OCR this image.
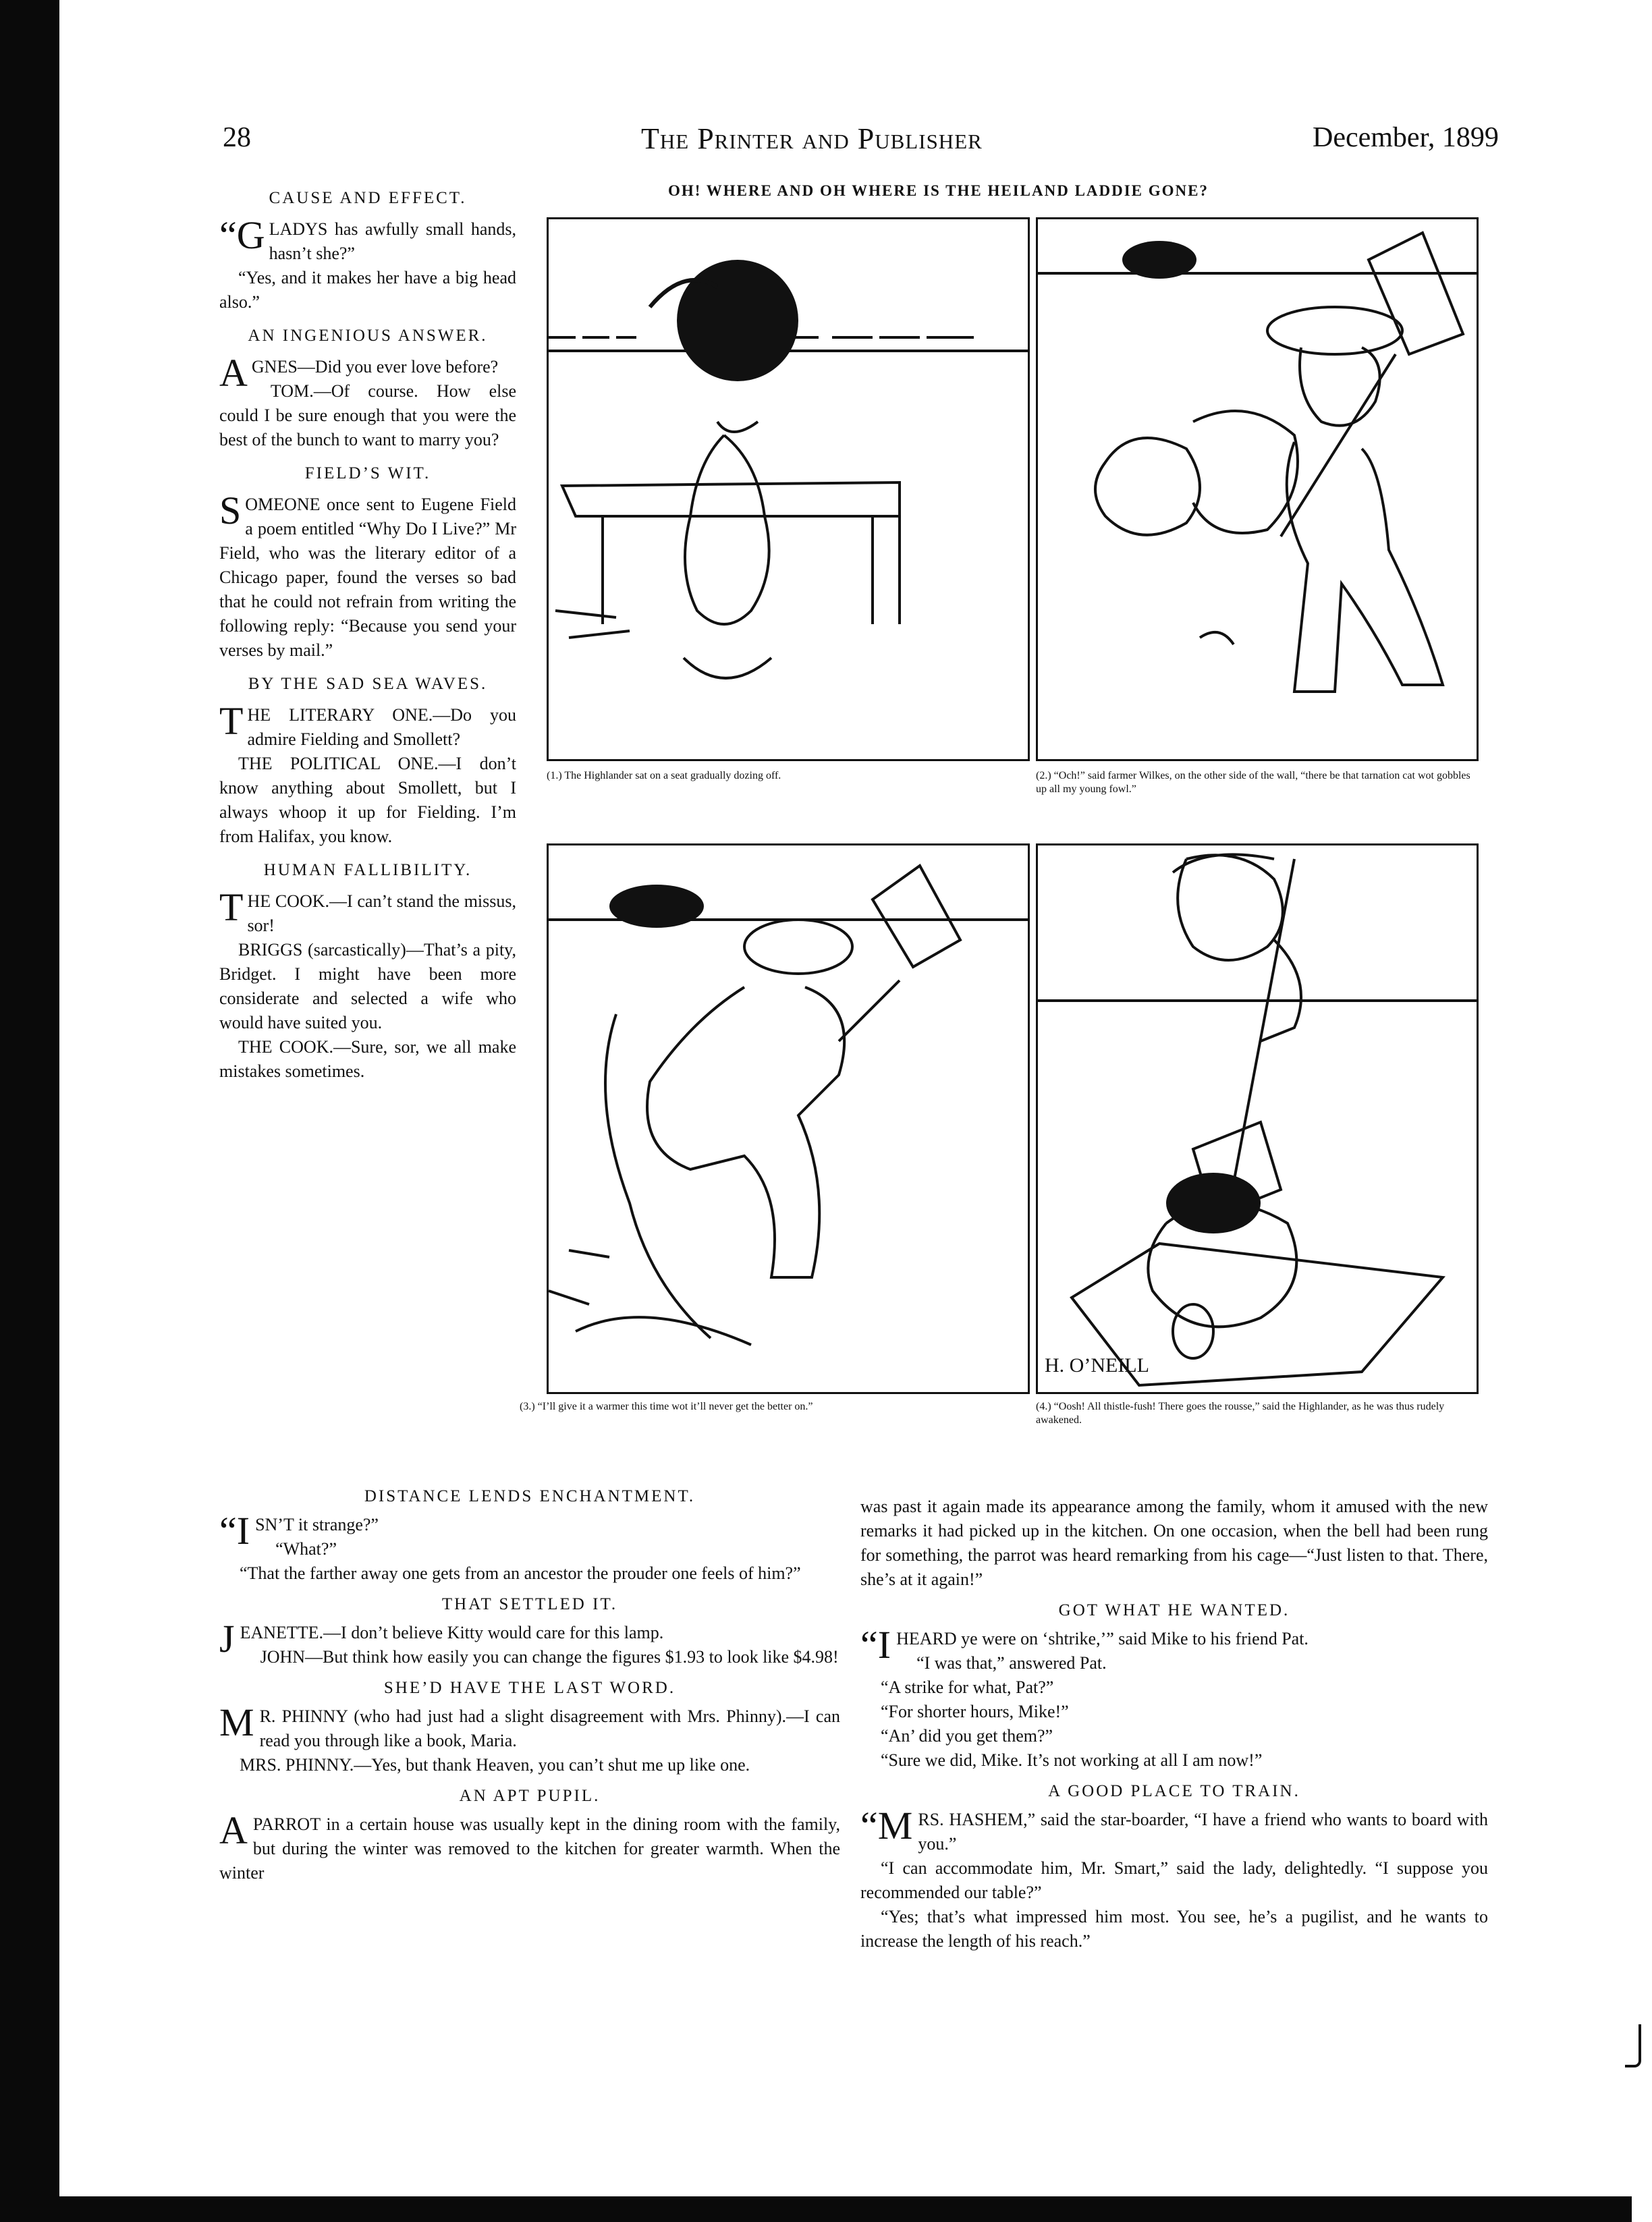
28	The Printer and Publisher	December, 1899
CAUSE AND EFFECT.

“GLADYS has awfully small hands, hasn’t she?”

“Yes, and it makes her have a big head also.”

AN INGENIOUS ANSWER.

AGNES—Did you ever love before?

TOM.—Of course. How else could I be sure enough that you were the best of the bunch to want to marry you?

FIELD’S WIT.

SOMEONE once sent to Eugene Field a poem entitled “Why Do I Live?” Mr Field, who was the literary editor of a Chicago paper, found the verses so bad that he could not refrain from writing the following reply: “Because you send your verses by mail.”

BY THE SAD SEA WAVES.

THE LITERARY ONE.—Do you admire Fielding and Smollett?

THE POLITICAL ONE.—I don’t know anything about Smollett, but I always whoop it up for Fielding. I’m from Halifax, you know.

HUMAN FALLIBILITY.

THE COOK.—I can’t stand the missus, sor!

BRIGGS (sarcastically)—That’s a pity, Bridget. I might have been more considerate and selected a wife who would have suited you.

THE COOK.—Sure, sor, we all make mistakes sometimes.

OH! WHERE AND OH WHERE IS THE HEILAND LADDIE GONE?
(1.) The Highlander sat on a seat gradually dozing off.	(2.) “Och!” said farmer Wilkes, on the other side of the wall, “there be that tarnation cat wot gobbles up all my young fowl.”
H. O’NEILL
(3.) “I’ll give it a warmer this time wot it’ll never get the better on.”	(4.) “Oosh! All thistle-fush! There goes the rousse,” said the Highlander, as he was thus rudely awakened.
DISTANCE LENDS ENCHANTMENT.

“ISN’T it strange?”

“What?”

“That the farther away one gets from an ancestor the prouder one feels of him?”

THAT SETTLED IT.

JEANETTE.—I don’t believe Kitty would care for this lamp.

JOHN—But think how easily you can change the figures $1.93 to look like $4.98!

SHE’D HAVE THE LAST WORD.

MR. PHINNY (who had just had a slight disagreement with Mrs. Phinny).—I can read you through like a book, Maria.

MRS. PHINNY.—Yes, but thank Heaven, you can’t shut me up like one.

AN APT PUPIL.

APARROT in a certain house was usually kept in the dining room with the family, but during the winter was removed to the kitchen for greater warmth. When the winter

was past it again made its appearance among the family, whom it amused with the new remarks it had picked up in the kitchen. On one occasion, when the bell had been rung for something, the parrot was heard remarking from his cage—“Just listen to that. There, she’s at it again!”

GOT WHAT HE WANTED.

“IHEARD ye were on ‘shtrike,’” said Mike to his friend Pat.

“I was that,” answered Pat.

“A strike for what, Pat?”

“For shorter hours, Mike!”

“An’ did you get them?”

“Sure we did, Mike. It’s not working at all I am now!”

A GOOD PLACE TO TRAIN.

“MRS. HASHEM,” said the star-boarder, “I have a friend who wants to board with you.”

“I can accommodate him, Mr. Smart,” said the lady, delightedly. “I suppose you recommended our table?”

“Yes; that’s what impressed him most. You see, he’s a pugilist, and he wants to increase the length of his reach.”
